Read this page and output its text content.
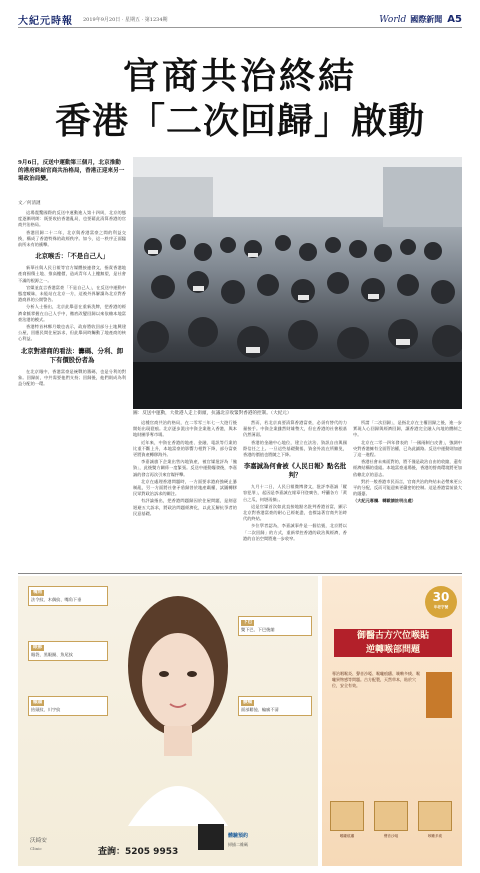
大紀元時報 2019年9月20日 · 星期五 · 第1234期	World 國際新聞 A5
官商共治終結
香港「二次回歸」啟動
9月6日，反送中運動第三個月，北京推動的港府終結官商共治格局，香港正迎來另一場政治局變。
文／何清漣

這場震驚國際的反送中運動進入第十四周，北京的態度逐漸明朗：既要收拾香港亂局，也要藉此清算香港的官商共治格局。

香港回歸二十二年，北京與香港富豪之間的利益交換，構成了香港特殊的政經秩序。如今，這一秩序正面臨前所未有的衝擊。

北京喉舌：「不是自己人」

新華社與人民日報等官方媒體接連發文，指責香港地產商囤積土地、推高樓價，造成青年人上樓無望，是社會不滿的根源之一。

官媒並直言香港富豪「不是自己人」，在反送中運動中態度曖昧，未能站在北京一方，這被外界解讀為北京對香港商界的公開警告。

分析人士指出，北京此舉意在重新洗牌，把香港的經濟命脈掌握在自己人手中，徹底改變回歸以來依賴本地富豪治港的模式。

香港特首林鄭月娥也表示，政府將收回部分土地興建公屋，回應民間住屋訴求，但此舉同時觸動了地產商的核心利益。

北京對港商的看法：籌碼、分利、卸下有價股份者為

在北京眼中，香港富豪是統戰的籌碼，也是分利的對象。回歸前，中共需要他們支持；回歸後，他們則成為利益分配的一環。

圖：反送中運動，大批港人走上街頭，抗議北京收緊對香港的控制。（大紀元）

這種官商共治的格局，在二零零三年七一大遊行後開始出現裂痕。北京逐步派出中資企業進入香港，與本地財團爭奪市場。

近年來，中資在香港的地產、金融、電訊等行業的比重不斷上升，本地富豪的影響力相對下降，部分富豪更將資產轉移海外。

李嘉誠旗下企業出售內地資產，被官媒批評為「撤資」，此後雙方關係一度緊張。反送中運動爆發後，李嘉誠的發言再次引來官媒抨擊。

北京在處理香港問題時，一方面要求港府強硬止暴制亂，另一方面將社會矛盾歸咎於地產霸權，試圖轉移民眾對政治訴求的關注。

有評論指出，把香港問題歸因於住屋問題，是刻意迴避五大訴求，將政治問題經濟化，以此瓦解抗爭者的民意基礎。

然而，若北京真要清算香港富豪，必須有替代的力量接手。中資企業雖然財雄勢大，但在香港的社會根基仍然薄弱。

香港的金融中心地位，建立在法治、資訊自由與國際信任之上。一旦這些基礎動搖，資金外流在所難免，香港的價值也將隨之下降。

李嘉誠為何會被《人民日報》點名批判？

九月十二日，人民日報微博發文，批評李嘉誠「縱容犯罪」，起因是李嘉誠在報章刊登廣告，呼籲各方「黃台之瓜，何堪再摘」。

這是官媒首次如此直接地點名批判香港首富，顯示北京對香港富豪的耐心已經耗盡，也標誌著官商共治時代的終結。

多位學者認為，李嘉誠事件是一個信號，北京將以「二次回歸」的方式，重新掌控香港的政治與經濟，香港的自治空間將進一步收窄。

所謂「二次回歸」，是指北京在主權回歸之後，進一步實現人心回歸與經濟回歸，讓香港完全融入內地的體制之中。

北京在二零一四年發表的「一國兩制白皮書」，強調中央對香港擁有全面管治權，已為此鋪路。反送中運動則加速了這一進程。

香港社會未來面對的，將不僅是政治自由的收縮，還有經濟結構的重組。本地富豪退場後，香港的營商環境將更加依賴北京的意志。

對於一般香港市民而言，官商共治的終結未必帶來更公平的分配，反而可能迎來更嚴密的控制。這是香港當前最大的隱憂。

（大紀元專欄．轉載請註明出處）

嘴角
法令紋、木偶紋、嘴角下垂
眼部
眼袋、黑眼圈、魚尾紋
額頭
抬頭紋、川字紋
下巴
雙下巴、下巴後縮
臉頰
面部鬆弛、輪廓不清
沃綺安
Clinic	查詢：5205 9953
體驗預約
掃描二維碼
30
年老字號
御醫古方穴位喉貼
逆轉喉部問題
專治咽喉炎、聲音沙啞、喉嚨痕癢、咳嗽多痰、喉嚨異物感等問題。古方配製，天然草本，貼於穴位，安全有效。
喉嚨痕癢	聲音沙啞	咳嗽多痰
